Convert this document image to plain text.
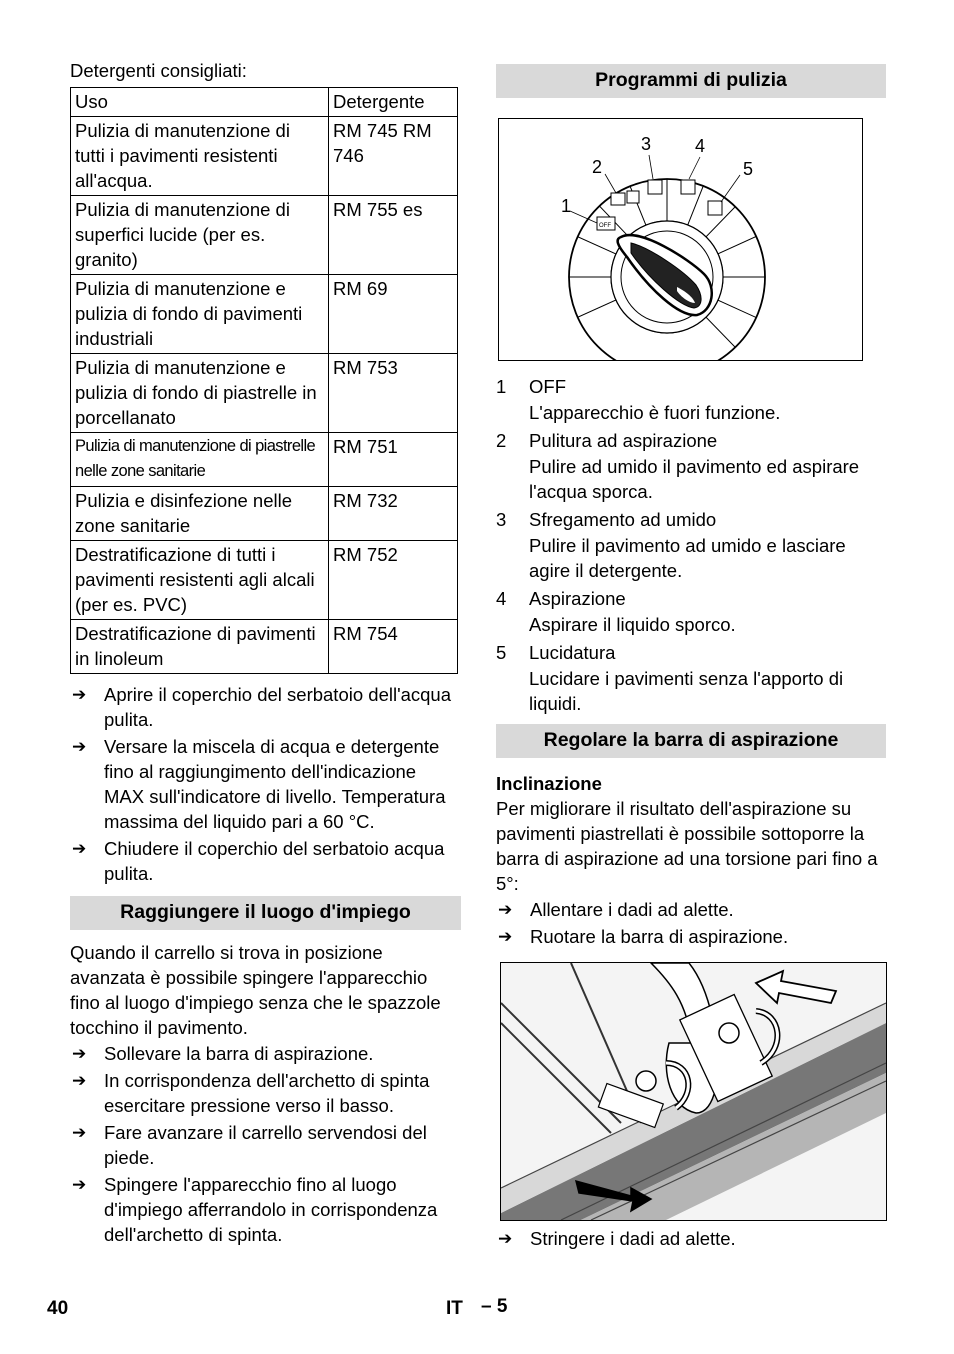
Detergenti consigliati:
Uso	Detergente
Pulizia di manutenzione di tutti i pavimenti resistenti all'acqua.	RM 745 RM 746
Pulizia di manutenzione di superfici lucide (per es. granito)	RM 755 es
Pulizia di manutenzione e pulizia di fondo di pavimenti industriali	RM 69
Pulizia di manutenzione e pulizia di fondo di piastrelle in porcellanato	RM 753
Pulizia di manutenzione di piastrelle nelle zone sanitarie	RM 751
Pulizia e disinfezione nelle zone sanitarie	RM 732
Destratificazione di tutti i pavimenti resistenti agli alcali (per es. PVC)	RM 752
Destratificazione di pavimenti in linoleum	RM 754
➔ Aprire il coperchio del serbatoio dell'acqua pulita.
➔ Versare la miscela di acqua e detergente fino al raggiungimento dell'indicazione MAX sull'indicatore di livello. Temperatura massima del liquido pari a 60 °C.
➔ Chiudere il coperchio del serbatoio acqua pulita.
Raggiungere il luogo d'impiego
Quando il carrello si trova in posizione avanzata è possibile spingere l'apparecchio fino al luogo d'impiego senza che le spazzole tocchino il pavimento.
➔ Sollevare la barra di aspirazione.
➔ In corrispondenza dell'archetto di spinta esercitare pressione verso il basso.
➔ Fare avanzare il carrello servendosi del piede.
➔ Spingere l'apparecchio fino al luogo d'impiego afferrandolo in corrispondenza dell'archetto di spinta.
Programmi di pulizia
OFF
1
2
3 4
5
1	OFF
L'apparecchio è fuori funzione.
2	Pulitura ad aspirazione
Pulire ad umido il pavimento ed aspirare l'acqua sporca.
3	Sfregamento ad umido
Pulire il pavimento ad umido e lasciare agire il detergente.
4	Aspirazione
Aspirare il liquido sporco.
5	Lucidatura
Lucidare i pavimenti senza l'apporto di liquidi.
Regolare la barra di aspirazione
Inclinazione
Per migliorare il risultato dell'aspirazione su pavimenti piastrellati è possibile sottoporre la barra di aspirazione ad una torsione pari fino a 5°:
➔ Allentare i dadi ad alette.
➔ Ruotare la barra di aspirazione.
➔ Stringere i dadi ad alette.
40	IT – 5
